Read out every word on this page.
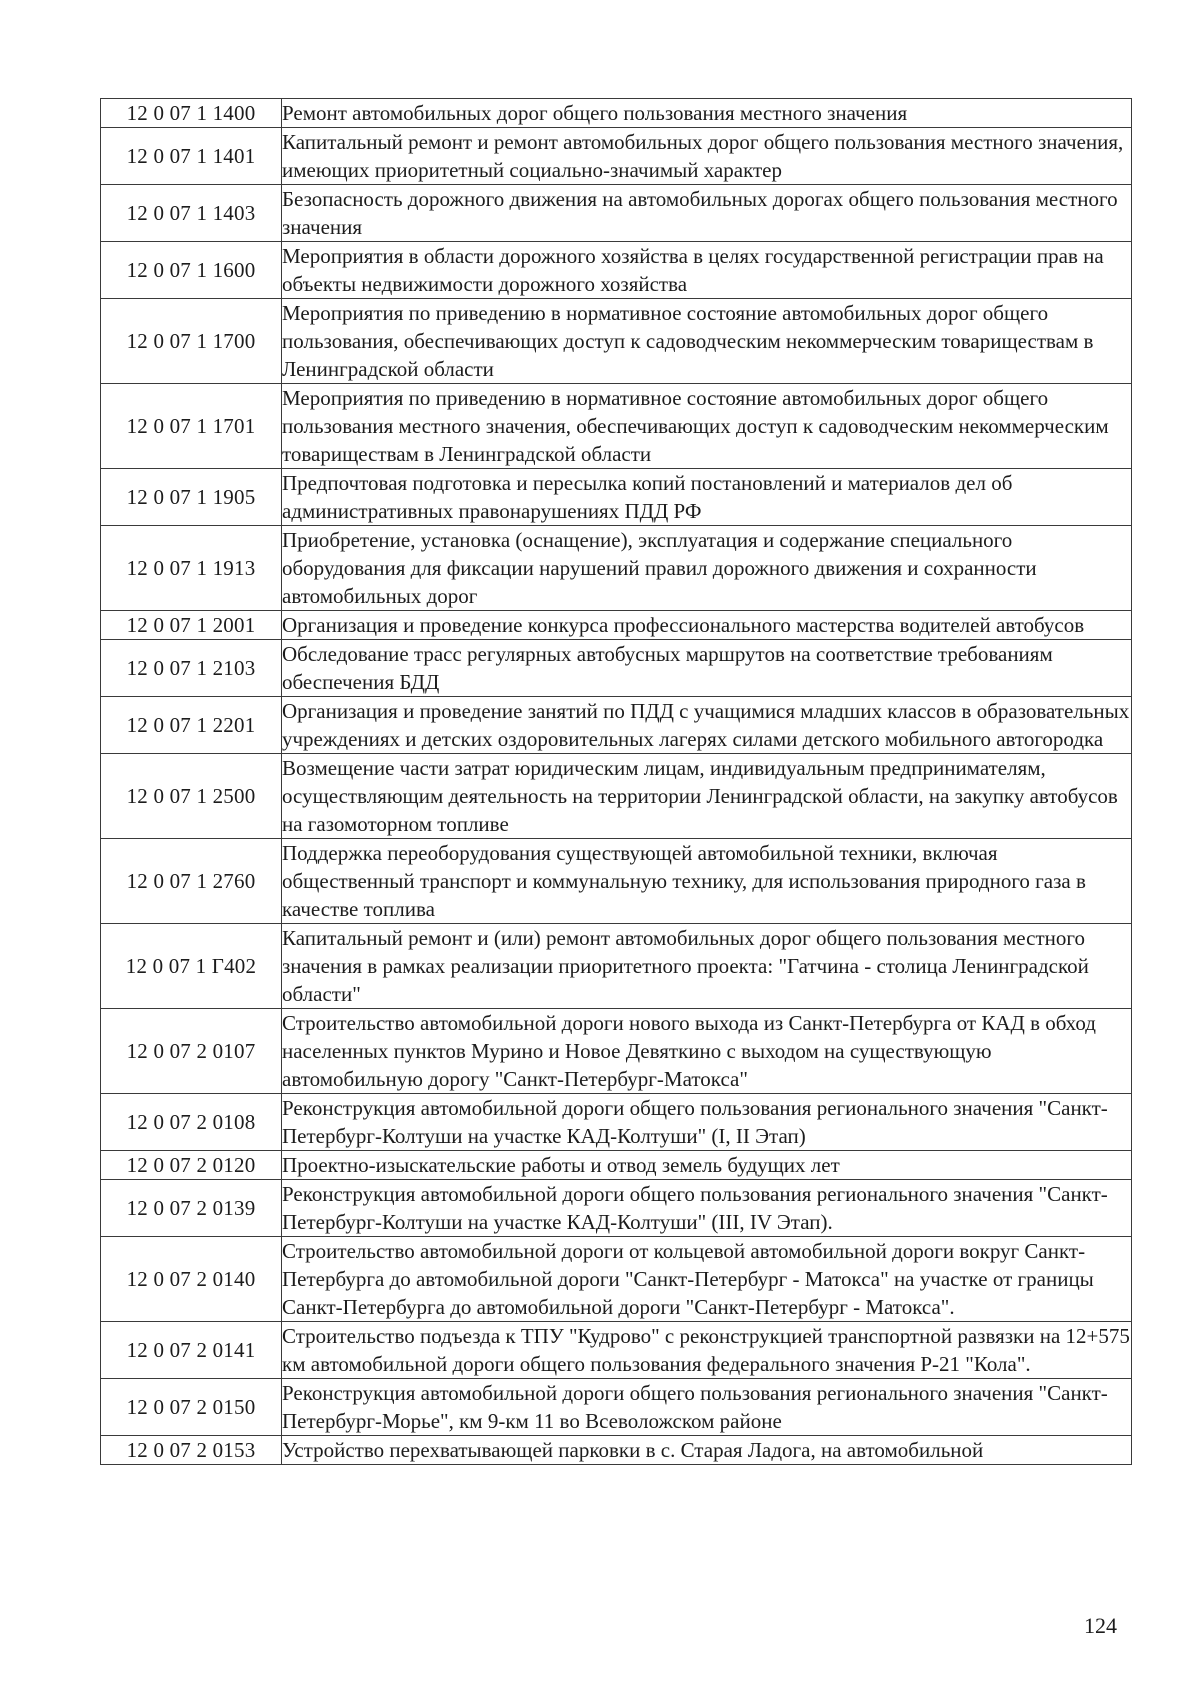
12 0 07 1 1400	Ремонт автомобильных дорог общего пользования местного значения
12 0 07 1 1401	Капитальный ремонт и ремонт автомобильных дорог общего пользования местного значения, имеющих приоритетный социально-значимый характер
12 0 07 1 1403	Безопасность дорожного движения на автомобильных дорогах общего пользования местного значения
12 0 07 1 1600	Мероприятия в области дорожного хозяйства в целях государственной регистрации прав на объекты недвижимости дорожного хозяйства
12 0 07 1 1700	Мероприятия по приведению в нормативное состояние автомобильных дорог общего пользования, обеспечивающих доступ к садоводческим некоммерческим товариществам в Ленинградской области
12 0 07 1 1701	Мероприятия по приведению в нормативное состояние автомобильных дорог общего пользования местного значения, обеспечивающих доступ к садоводческим некоммерческим товариществам в Ленинградской области
12 0 07 1 1905	Предпочтовая подготовка и пересылка копий постановлений и материалов дел об административных правонарушениях ПДД РФ
12 0 07 1 1913	Приобретение, установка (оснащение), эксплуатация и содержание специального оборудования для фиксации нарушений правил дорожного движения и сохранности автомобильных дорог
12 0 07 1 2001	Организация и проведение конкурса профессионального мастерства водителей автобусов
12 0 07 1 2103	Обследование трасс регулярных автобусных маршрутов на соответствие требованиям обеспечения БДД
12 0 07 1 2201	Организация и проведение занятий по ПДД с учащимися младших классов в образовательных учреждениях и детских оздоровительных лагерях силами детского мобильного автогородка
12 0 07 1 2500	Возмещение части затрат юридическим лицам, индивидуальным предпринимателям, осуществляющим деятельность на территории Ленинградской области, на закупку автобусов на газомоторном топливе
12 0 07 1 2760	Поддержка переоборудования существующей автомобильной техники, включая общественный транспорт и коммунальную технику, для использования природного газа в качестве топлива
12 0 07 1 Г402	Капитальный ремонт и (или) ремонт автомобильных дорог общего пользования местного значения в рамках реализации приоритетного проекта: "Гатчина - столица Ленинградской области"
12 0 07 2 0107	Строительство автомобильной дороги нового выхода из Санкт-Петербурга от КАД в обход населенных пунктов Мурино и Новое Девяткино с выходом на существующую автомобильную дорогу "Санкт-Петербург-Матокса"
12 0 07 2 0108	Реконструкция автомобильной дороги общего пользования регионального значения "Санкт-Петербург-Колтуши на участке КАД-Колтуши" (I, II Этап)
12 0 07 2 0120	Проектно-изыскательские работы и отвод земель будущих лет
12 0 07 2 0139	Реконструкция автомобильной дороги общего пользования регионального значения "Санкт-Петербург-Колтуши на участке КАД-Колтуши" (III, IV Этап).
12 0 07 2 0140	Строительство автомобильной дороги от кольцевой автомобильной дороги вокруг Санкт-Петербурга до автомобильной дороги "Санкт-Петербург - Матокса" на участке от границы Санкт-Петербурга до автомобильной дороги "Санкт-Петербург - Матокса".
12 0 07 2 0141	Строительство подъезда к ТПУ "Кудрово" с реконструкцией транспортной развязки на 12+575 км автомобильной дороги общего пользования федерального значения Р-21 "Кола".
12 0 07 2 0150	Реконструкция автомобильной дороги общего пользования регионального значения "Санкт-Петербург-Морье", км 9-км 11 во Всеволожском районе
12 0 07 2 0153	Устройство перехватывающей парковки в с. Старая Ладога, на автомобильной
124
